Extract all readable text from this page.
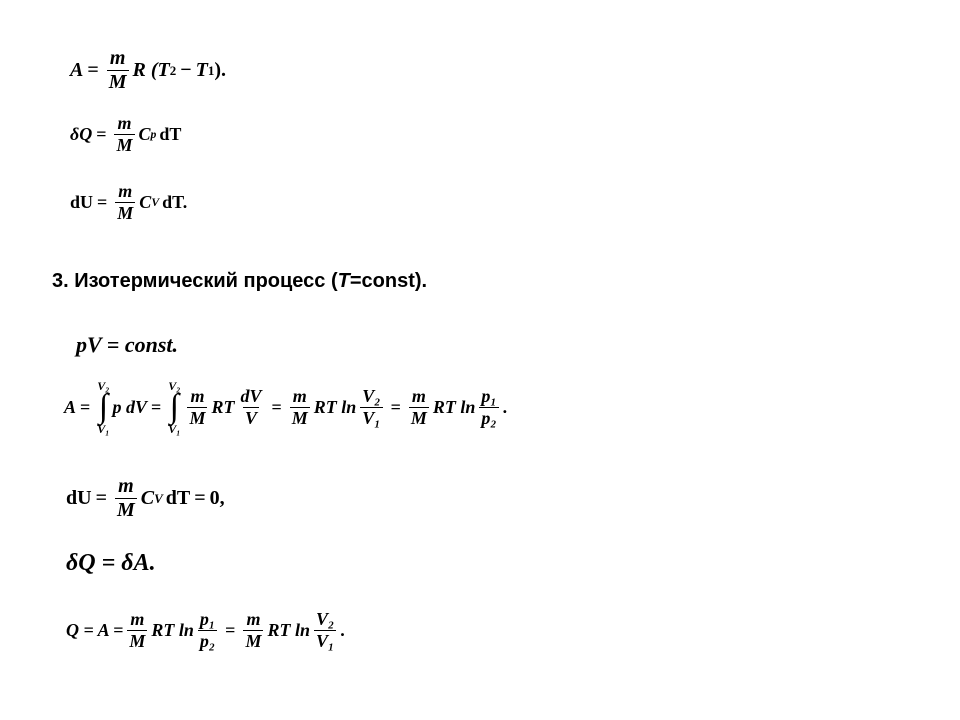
$A = \frac{m}{M}$ R (T 2 − T 1 ).
$\delta Q = \frac{m}{M}$ C p dT
dU = $\frac{m}{M}$ C V dT.
3. Изотермический процесс (T=const).
pV = const.
A =
V₂
∫
V₁
p dV =
V₂
∫
V₁
$\frac{m}{M}$ RT $\frac{dV}{V} = \frac{m}{M}$ RT $\ln \frac{\text{V₂}}{\text{V₁}} = \frac{m}{M}$ RT $\ln \frac{\text{p₁}}{\text{p₂}}$ .
dU = $\frac{m}{M}$ C V dT = 0,
δQ = δA.
$Q = A = \frac{m}{M}$ RT $\ln \frac{\text{p₁}}{\text{p₂}} = \frac{m}{M}$ RT $\ln \frac{\text{V₂}}{\text{V₁}}$ .
